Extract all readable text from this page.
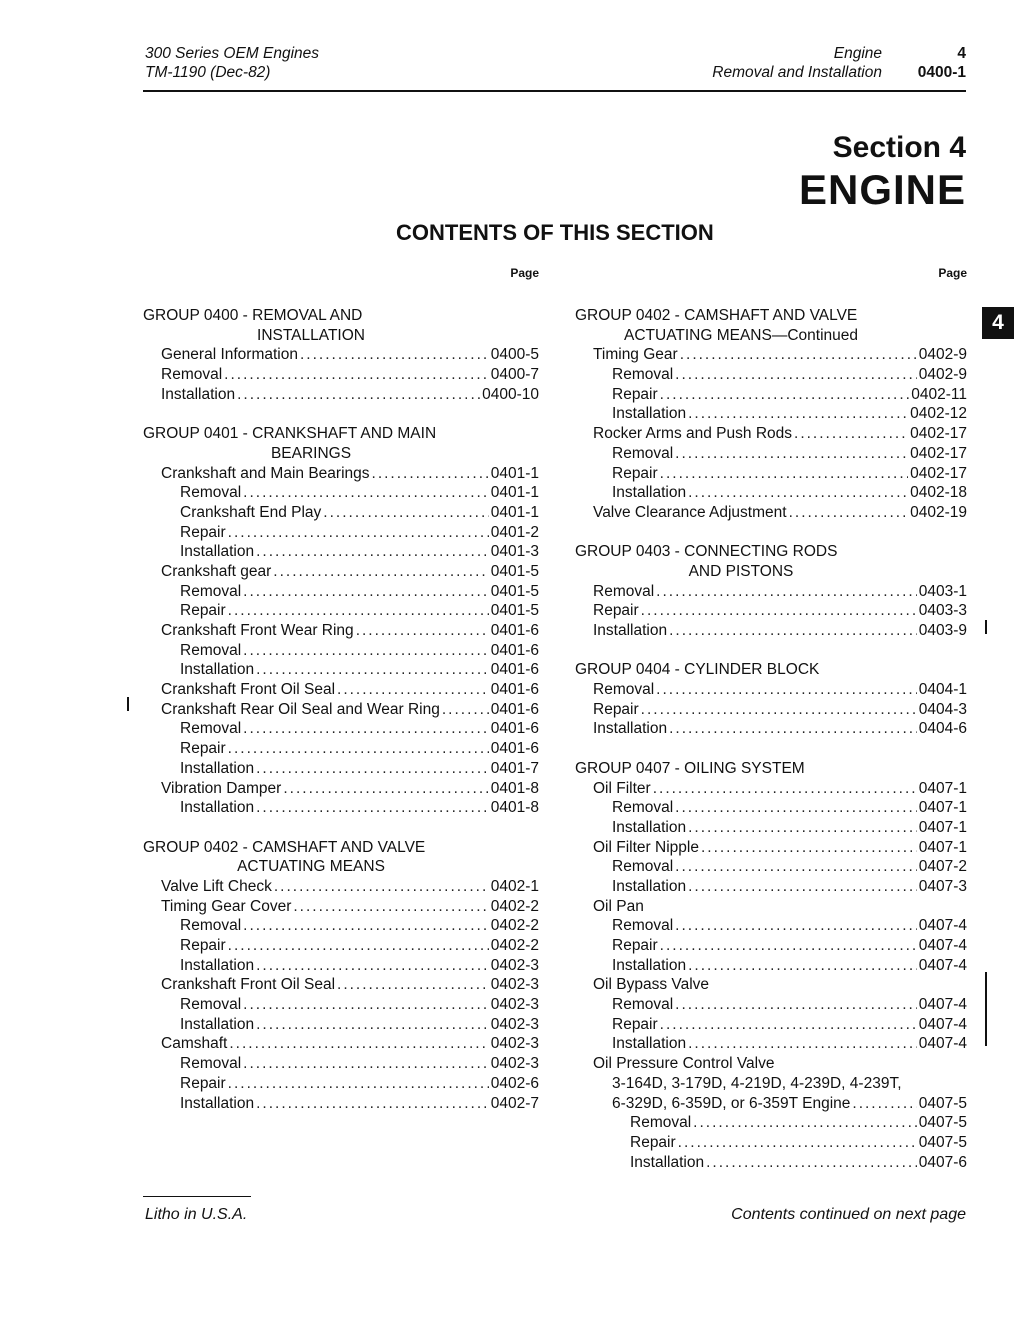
300 Series OEM Engines
TM-1190 (Dec-82)
Engine
Removal and Installation
4
0400-1
Section 4
ENGINE
CONTENTS OF THIS SECTION
Page
GROUP 0400 - REMOVAL AND
INSTALLATION
General Information .....	0400-5
Removal .....	0400-7
Installation .....	0400-10
GROUP 0401 - CRANKSHAFT AND MAIN
BEARINGS
Crankshaft and Main Bearings .....	0401-1
Removal .....	0401-1
Crankshaft End Play .....	0401-1
Repair .....	0401-2
Installation .....	0401-3
Crankshaft gear .....	0401-5
Removal .....	0401-5
Repair .....	0401-5
Crankshaft Front Wear Ring .....	0401-6
Removal .....	0401-6
Installation .....	0401-6
Crankshaft Front Oil Seal .....	0401-6
Crankshaft Rear Oil Seal and Wear Ring .....	0401-6
Removal .....	0401-6
Repair .....	0401-6
Installation .....	0401-7
Vibration Damper .....	0401-8
Installation .....	0401-8
GROUP 0402 - CAMSHAFT AND VALVE
ACTUATING MEANS
Valve Lift Check .....	0402-1
Timing Gear Cover .....	0402-2
Removal .....	0402-2
Repair .....	0402-2
Installation .....	0402-3
Crankshaft Front Oil Seal .....	0402-3
Removal .....	0402-3
Installation .....	0402-3
Camshaft .....	0402-3
Removal .....	0402-3
Repair .....	0402-6
Installation .....	0402-7
Page
GROUP 0402 - CAMSHAFT AND VALVE
ACTUATING MEANS—Continued
Timing Gear .....	0402-9
Removal .....	0402-9
Repair .....	0402-11
Installation .....	0402-12
Rocker Arms and Push Rods .....	0402-17
Removal .....	0402-17
Repair .....	0402-17
Installation .....	0402-18
Valve Clearance Adjustment .....	0402-19
GROUP 0403 - CONNECTING RODS
AND PISTONS
Removal .....	0403-1
Repair .....	0403-3
Installation .....	0403-9
GROUP 0404 - CYLINDER BLOCK
Removal .....	0404-1
Repair .....	0404-3
Installation .....	0404-6
GROUP 0407 - OILING SYSTEM
Oil Filter .....	0407-1
Removal .....	0407-1
Installation .....	0407-1
Oil Filter Nipple .....	0407-1
Removal .....	0407-2
Installation .....	0407-3
Oil Pan
Removal .....	0407-4
Repair .....	0407-4
Installation .....	0407-4
Oil Bypass Valve
Removal .....	0407-4
Repair .....	0407-4
Installation .....	0407-4
Oil Pressure Control Valve
3-164D, 3-179D, 4-219D, 4-239D, 4-239T,
6-329D, 6-359D, or 6-359T Engine .....	0407-5
Removal .....	0407-5
Repair .....	0407-5
Installation .....	0407-6
4
Litho in U.S.A.	Contents continued on next page
